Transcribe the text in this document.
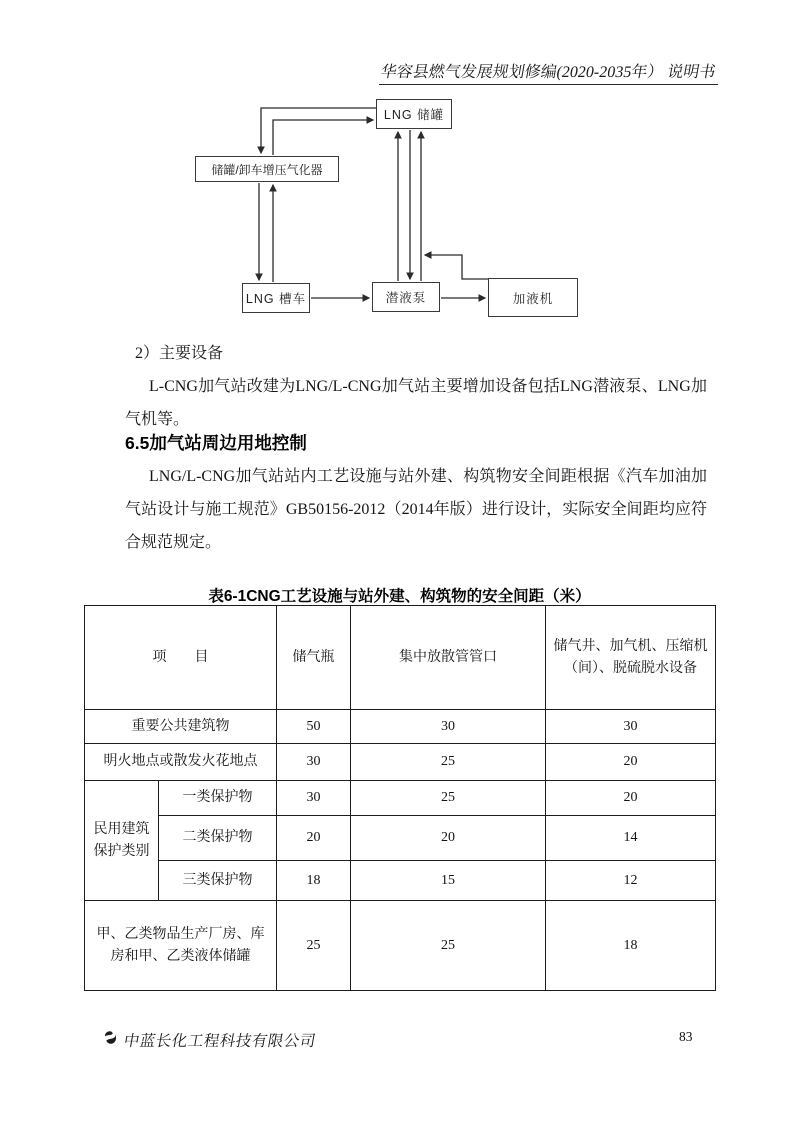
华容县燃气发展规划修编(2020-2035年） 说明书
LNG 储罐
储罐/卸车增压气化器
LNG 槽车	潜液泵	加液机
2）主要设备
L-CNG加气站改建为LNG/L-CNG加气站主要增加设备包括LNG潜液泵、LNG加气机等。
6.5加气站周边用地控制
LNG/L-CNG加气站站内工艺设施与站外建、构筑物安全间距根据《汽车加油加气站设计与施工规范》GB50156-2012（2014年版）进行设计，实际安全间距均应符合规范规定。
表6-1CNG工艺设施与站外建、构筑物的安全间距（米）
项　　目		储气瓶	集中放散管管口	储气井、加气机、压缩机（间）、脱硫脱水设备
重要公共建筑物		50	30	30
明火地点或散发火花地点		30	25	20
民用建筑保护类别	一类保护物	30	25	20
	二类保护物	20	20	14
	三类保护物	18	15	12
甲、乙类物品生产厂房、库房和甲、乙类液体储罐		25	25	18
中蓝长化工程科技有限公司	83
